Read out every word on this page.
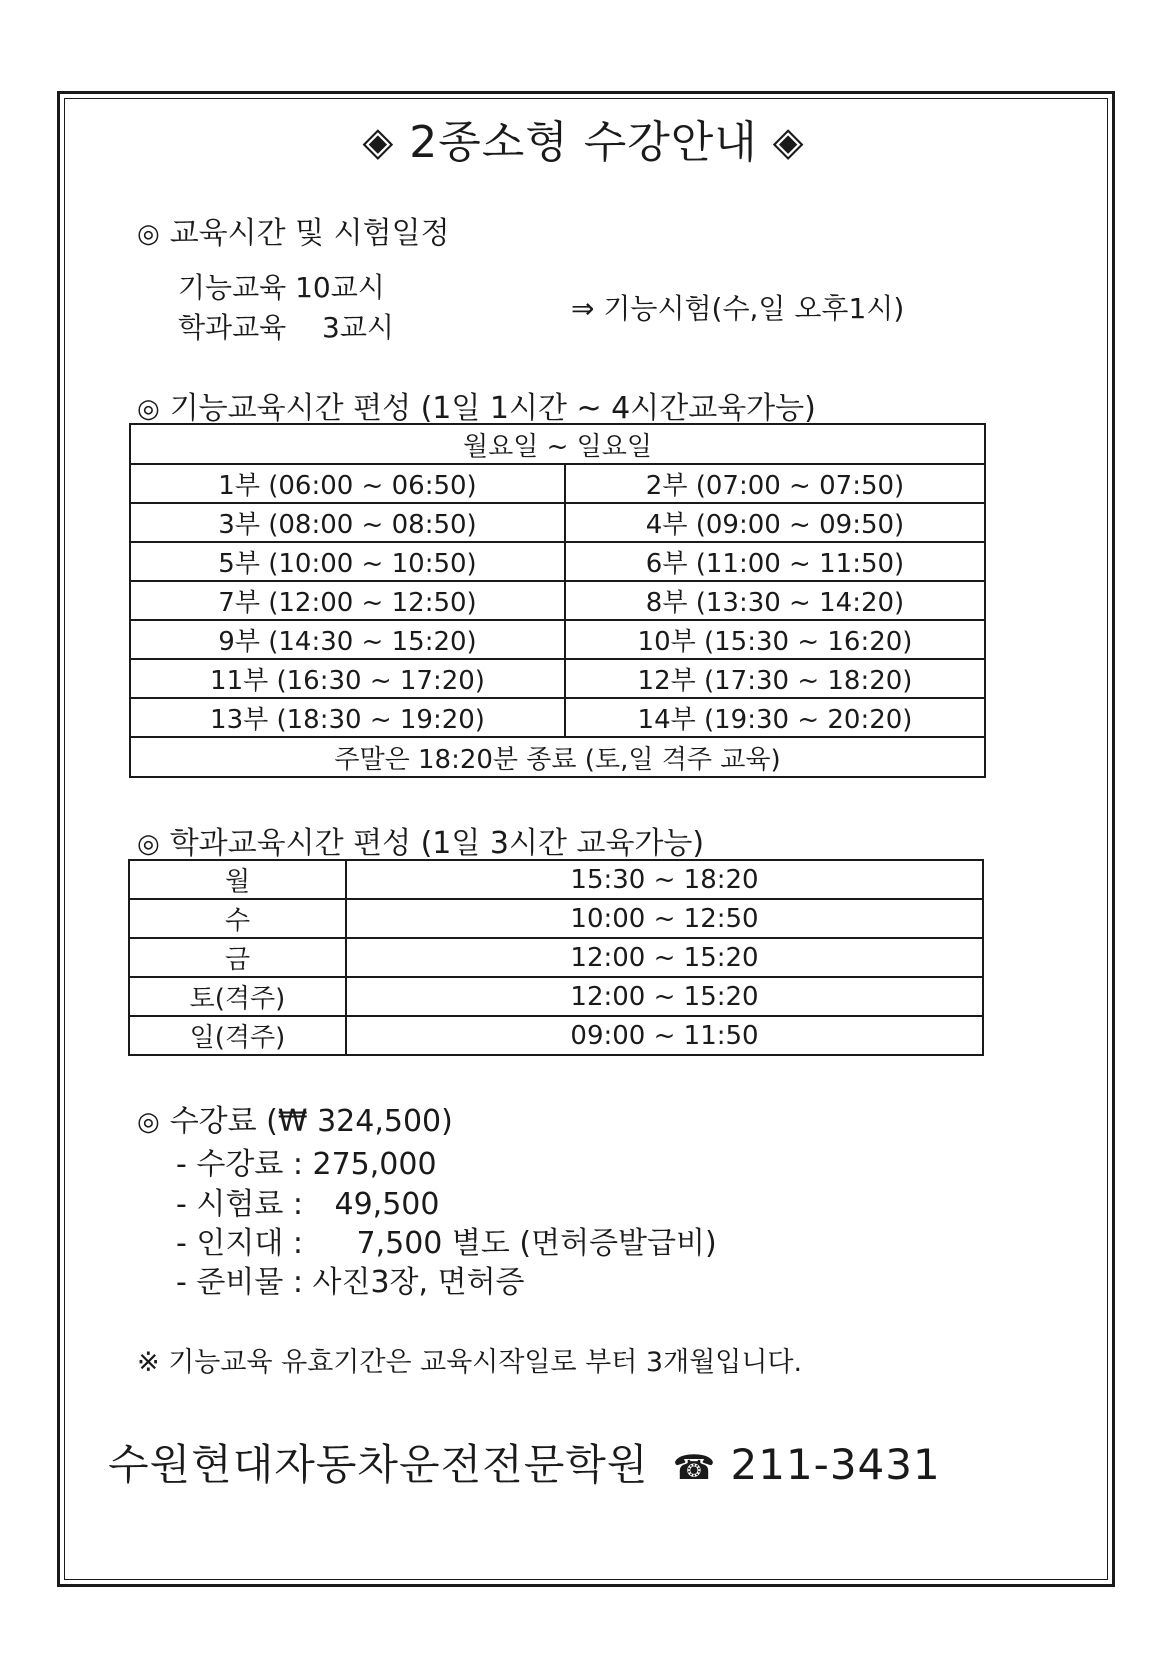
◈ 2종소형 수강안내 ◈
◎ 교육시간 및 시험일정
기능교육 10교시
학과교육 3교시
⇒ 기능시험(수,일 오후1시)
◎ 기능교육시간 편성 (1일 1시간 ~ 4시간교육가능)
월요일 ~ 일요일	
1부 (06:00 ~ 06:50)	2부 (07:00 ~ 07:50)
3부 (08:00 ~ 08:50)	4부 (09:00 ~ 09:50)
5부 (10:00 ~ 10:50)	6부 (11:00 ~ 11:50)
7부 (12:00 ~ 12:50)	8부 (13:30 ~ 14:20)
9부 (14:30 ~ 15:20)	10부 (15:30 ~ 16:20)
11부 (16:30 ~ 17:20)	12부 (17:30 ~ 18:20)
13부 (18:30 ~ 19:20)	14부 (19:30 ~ 20:20)
주말은 18:20분 종료 (토,일 격주 교육)	
◎ 학과교육시간 편성 (1일 3시간 교육가능)
월	15:30 ~ 18:20
수	10:00 ~ 12:50
금	12:00 ~ 15:20
토(격주)	12:00 ~ 15:20
일(격주)	09:00 ~ 11:50
◎ 수강료 (₩ 324,500)
- 수강료 : 275,000
- 시험료 : 49,500
- 인지대 : 7,500 별도 (면허증발급비)
- 준비물 : 사진3장, 면허증
※ 기능교육 유효기간은 교육시작일로 부터 3개월입니다.
수원현대자동차운전전문학원 ☎ 211-3431
